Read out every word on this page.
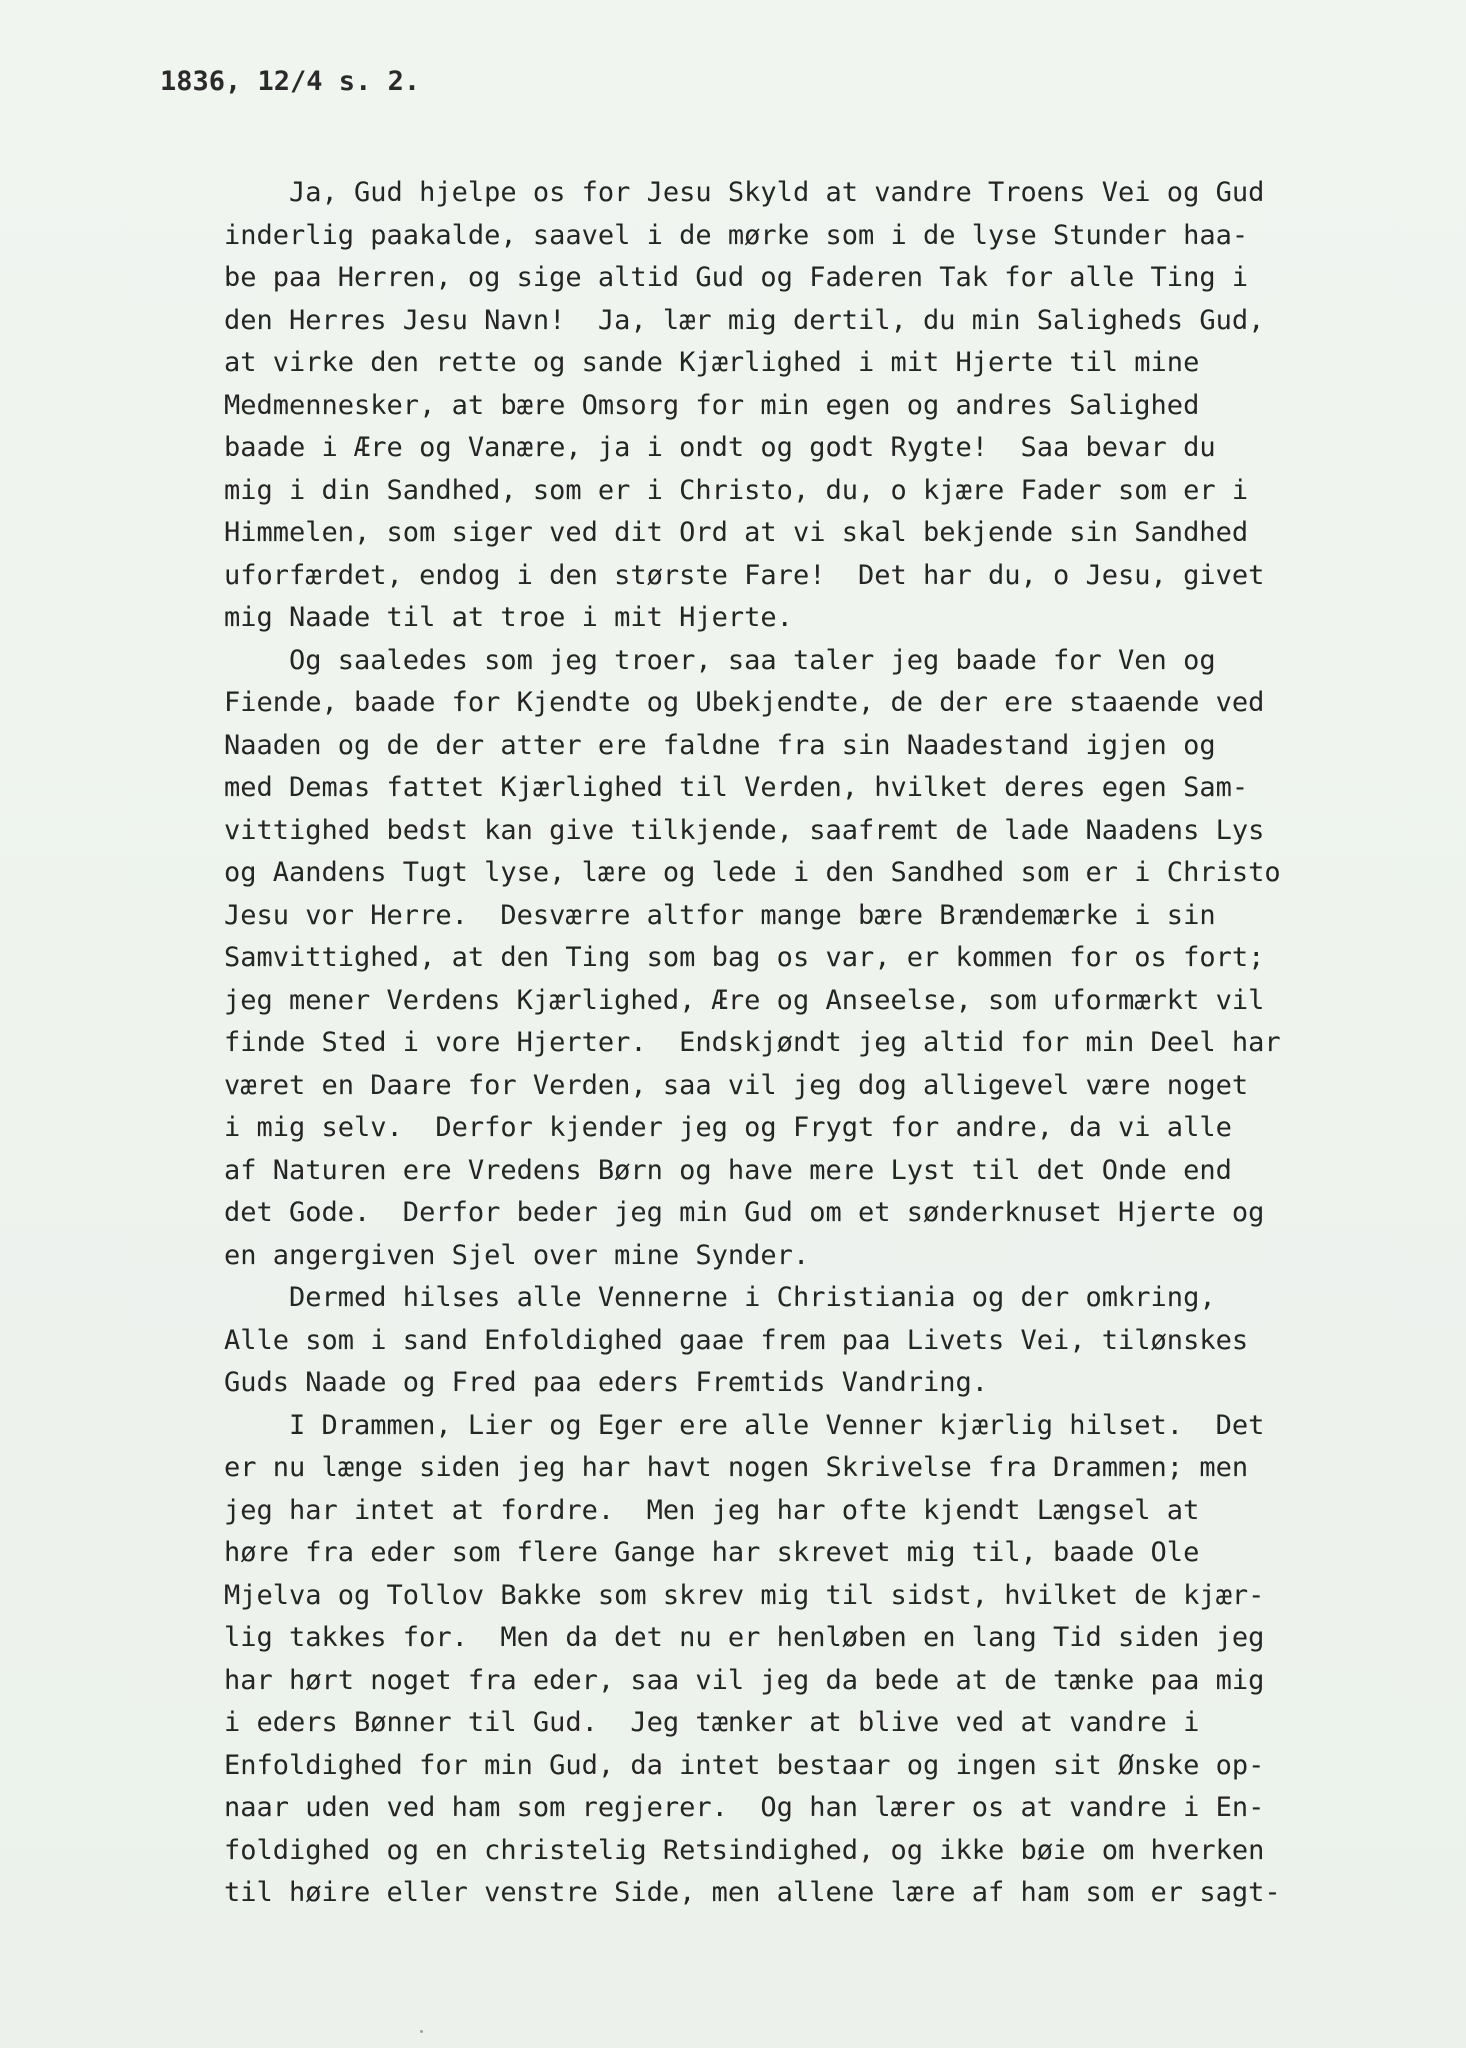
1836, 12/4 s. 2.
Ja, Gud hjelpe os for Jesu Skyld at vandre Troens Vei og Gud
inderlig paakalde, saavel i de mørke som i de lyse Stunder haa-
be paa Herren, og sige altid Gud og Faderen Tak for alle Ting i
den Herres Jesu Navn!  Ja, lær mig dertil, du min Saligheds Gud,
at virke den rette og sande Kjærlighed i mit Hjerte til mine
Medmennesker, at bære Omsorg for min egen og andres Salighed
baade i Ære og Vanære, ja i ondt og godt Rygte!  Saa bevar du
mig i din Sandhed, som er i Christo, du, o kjære Fader som er i
Himmelen, som siger ved dit Ord at vi skal bekjende sin Sandhed
uforfærdet, endog i den største Fare!  Det har du, o Jesu, givet
mig Naade til at troe i mit Hjerte.
Og saaledes som jeg troer, saa taler jeg baade for Ven og
Fiende, baade for Kjendte og Ubekjendte, de der ere staaende ved
Naaden og de der atter ere faldne fra sin Naadestand igjen og
med Demas fattet Kjærlighed til Verden, hvilket deres egen Sam-
vittighed bedst kan give tilkjende, saafremt de lade Naadens Lys
og Aandens Tugt lyse, lære og lede i den Sandhed som er i Christo
Jesu vor Herre.  Desværre altfor mange bære Brændemærke i sin
Samvittighed, at den Ting som bag os var, er kommen for os fort;
jeg mener Verdens Kjærlighed, Ære og Anseelse, som uformærkt vil
finde Sted i vore Hjerter.  Endskjøndt jeg altid for min Deel har
været en Daare for Verden, saa vil jeg dog alligevel være noget
i mig selv.  Derfor kjender jeg og Frygt for andre, da vi alle
af Naturen ere Vredens Børn og have mere Lyst til det Onde end
det Gode.  Derfor beder jeg min Gud om et sønderknuset Hjerte og
en angergiven Sjel over mine Synder.
Dermed hilses alle Vennerne i Christiania og der omkring,
Alle som i sand Enfoldighed gaae frem paa Livets Vei, tilønskes
Guds Naade og Fred paa eders Fremtids Vandring.
I Drammen, Lier og Eger ere alle Venner kjærlig hilset.  Det
er nu længe siden jeg har havt nogen Skrivelse fra Drammen; men
jeg har intet at fordre.  Men jeg har ofte kjendt Længsel at
høre fra eder som flere Gange har skrevet mig til, baade Ole
Mjelva og Tollov Bakke som skrev mig til sidst, hvilket de kjær-
lig takkes for.  Men da det nu er henløben en lang Tid siden jeg
har hørt noget fra eder, saa vil jeg da bede at de tænke paa mig
i eders Bønner til Gud.  Jeg tænker at blive ved at vandre i
Enfoldighed for min Gud, da intet bestaar og ingen sit Ønske op-
naar uden ved ham som regjerer.  Og han lærer os at vandre i En-
foldighed og en christelig Retsindighed, og ikke bøie om hverken
til høire eller venstre Side, men allene lære af ham som er sagt-
